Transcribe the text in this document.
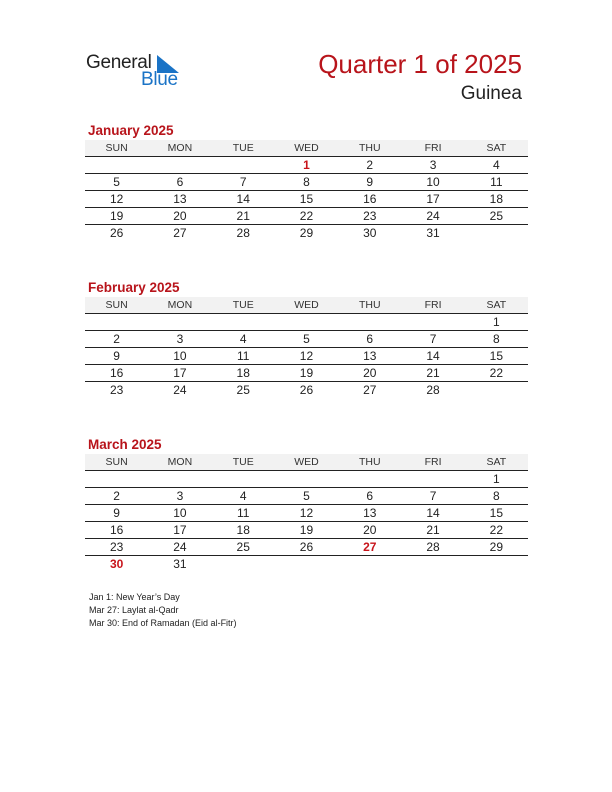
General
Blue
Quarter 1 of 2025
Guinea
January 2025
SUN	MON	TUE	WED	THU	FRI	SAT
			1	2	3	4
5	6	7	8	9	10	11
12	13	14	15	16	17	18
19	20	21	22	23	24	25
26	27	28	29	30	31	
February 2025
SUN	MON	TUE	WED	THU	FRI	SAT
						1
2	3	4	5	6	7	8
9	10	11	12	13	14	15
16	17	18	19	20	21	22
23	24	25	26	27	28	
March 2025
SUN	MON	TUE	WED	THU	FRI	SAT
						1
2	3	4	5	6	7	8
9	10	11	12	13	14	15
16	17	18	19	20	21	22
23	24	25	26	27	28	29
30	31					
Jan 1: New Year’s Day
Mar 27: Laylat al-Qadr
Mar 30: End of Ramadan (Eid al-Fitr)
